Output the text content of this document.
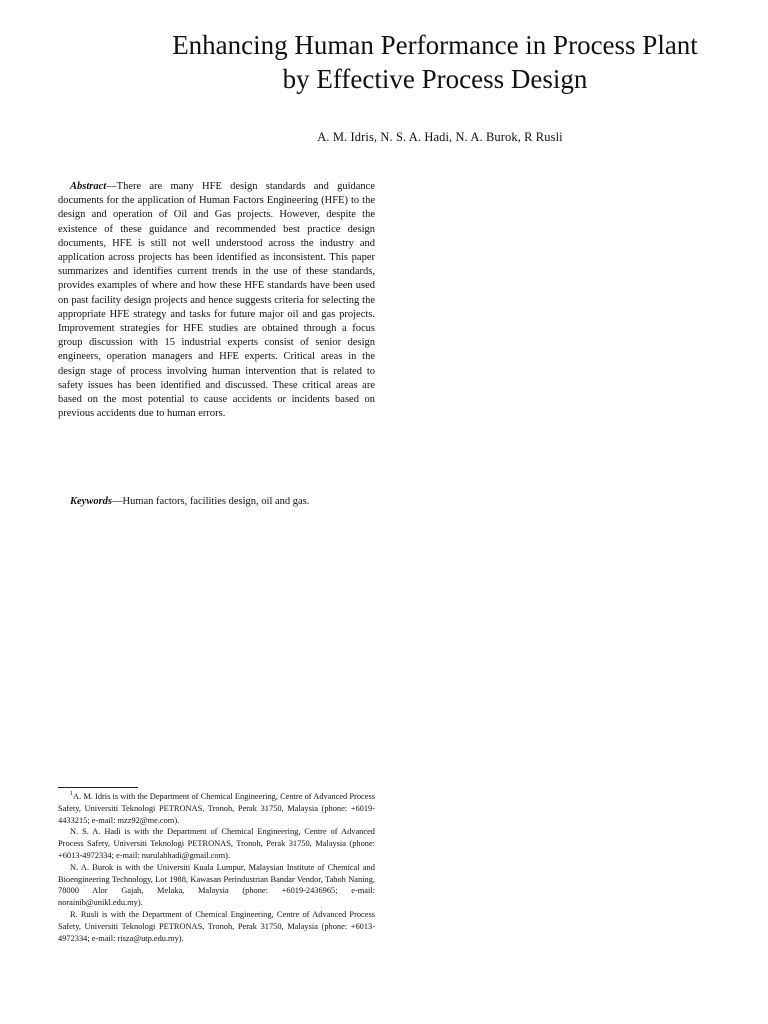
Enhancing Human Performance in Process Plant
by Effective Process Design
A. M. Idris, N. S. A. Hadi, N. A. Burok, R Rusli

Abstract—There are many HFE design standards and guidance documents for the application of Human Factors Engineering (HFE) to the design and operation of Oil and Gas projects. However, despite the existence of these guidance and recommended best practice design documents, HFE is still not well understood across the industry and application across projects has been identified as inconsistent. This paper summarizes and identifies current trends in the use of these standards, provides examples of where and how these HFE standards have been used on past facility design projects and hence suggests criteria for selecting the appropriate HFE strategy and tasks for future major oil and gas projects. Improvement strategies for HFE studies are obtained through a focus group discussion with 15 industrial experts consist of senior design engineers, operation managers and HFE experts. Critical areas in the design stage of process involving human intervention that is related to safety issues has been identified and discussed. These critical areas are based on the most potential to cause accidents or incidents based on previous accidents due to human errors.

Keywords—Human factors, facilities design, oil and gas.

$^1$A. M. Idris is with the Department of Chemical Engineering, Centre of Advanced Process Safety, Universiti Teknologi PETRONAS, Tronoh, Perak 31750, Malaysia (phone: +6019-4433215; e-mail: mzz92@me.com).

N. S. A. Hadi is with the Department of Chemical Engineering, Centre of Advanced Process Safety, Universiti Teknologi PETRONAS, Tronoh, Perak 31750, Malaysia (phone: +6013-4972334; e-mail: nurulabhadi@gmail.com).

N. A. Burok is with the Universiti Kuala Lumpur, Malaysian Institute of Chemical and Bioengineering Technology, Lot 1988, Kawasan Perindustrian Bandar Vendor, Taboh Naning, 78000 Alor Gajah, Melaka, Malaysia (phone: +6019-2436965; e-mail: norainib@unikl.edu.my).

R. Rusli is with the Department of Chemical Engineering, Centre of Advanced Process Safety, Universiti Teknologi PETRONAS, Tronoh, Perak 31750, Malaysia (phone: +6013-4972334; e-mail: risza@utp.edu.my).
